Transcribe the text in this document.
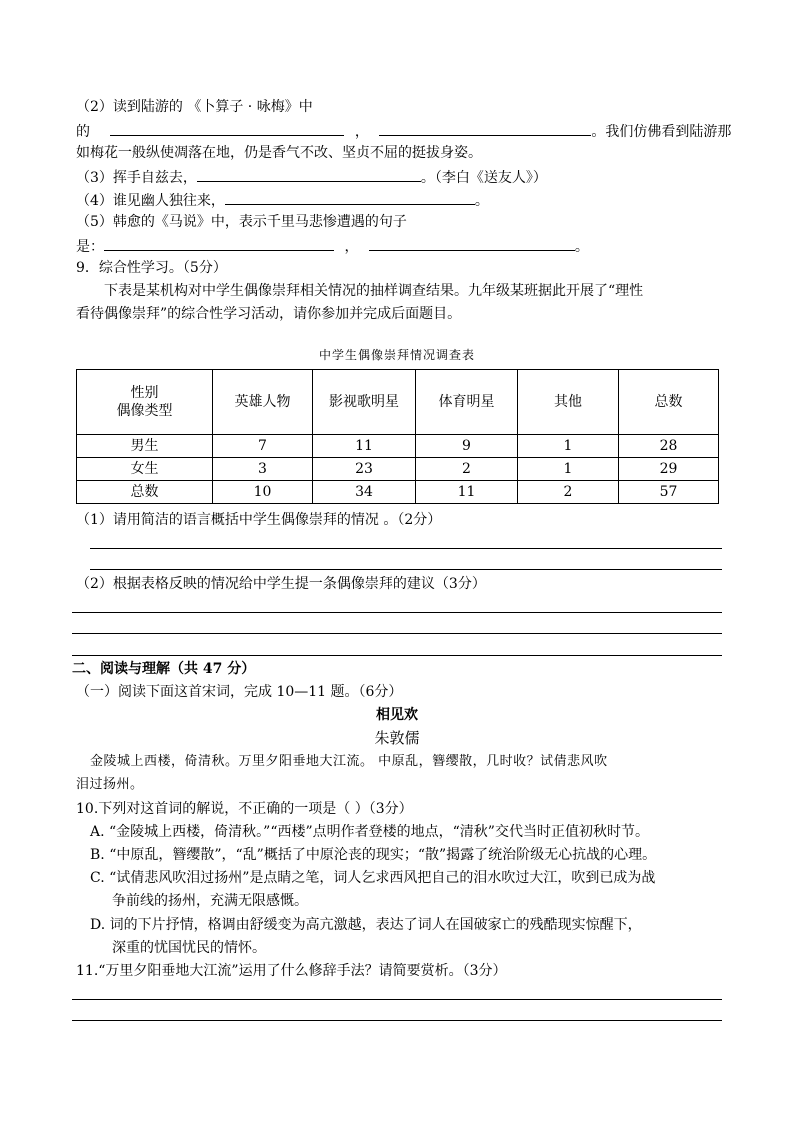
（2）读到陆游的 《卜算子 · 咏梅》中
的	，	。我们仿佛看到陆游那
如梅花一般纵使凋落在地，仍是香气不改、坚贞不屈的挺拔身姿。
（3）挥手自兹去，	。（李白《送友人》）
（4）谁见幽人独往来，	。
（5）韩愈的《马说》中，表示千里马悲惨遭遇的句子
是：	，	。
9．综合性学习。（5分）
下表是某机构对中学生偶像崇拜相关情况的抽样调查结果。九年级某班据此开展了“理性
看待偶像崇拜”的综合性学习活动，请你参加并完成后面题目。
中学生偶像崇拜情况调查表
性别
偶像类型	英雄人物	影视歌明星	体育明星	其他	总数
男生	7	11	9	1	28
女生	3	23	2	1	29
总数	10	34	11	2	57
（1）请用简洁的语言概括中学生偶像崇拜的情况 。（2分）
（2）根据表格反映的情况给中学生提一条偶像崇拜的建议（3分）
二、阅读与理解（共 47 分）
（一）阅读下面这首宋词，完成 10—11 题。（6分）
相见欢
朱敦儒
金陵城上西楼，倚清秋。万里夕阳垂地大江流。 中原乱，簪缨散，几时收？试倩悲风吹
泪过扬州。
10.下列对这首词的解说，不正确的一项是（ ）（3分）
A. “金陵城上西楼，倚清秋。”“西楼”点明作者登楼的地点，“清秋”交代当时正值初秋时节。
B. “中原乱，簪缨散”，“乱”概括了中原沦丧的现实；“散”揭露了统治阶级无心抗战的心理。
C. “试倩悲风吹泪过扬州”是点睛之笔，词人乞求西风把自己的泪水吹过大江，吹到已成为战
争前线的扬州，充满无限感慨。
D. 词的下片抒情，格调由舒缓变为高亢激越，表达了词人在国破家亡的残酷现实惊醒下，
深重的忧国忧民的情怀。
11.“万里夕阳垂地大江流”运用了什么修辞手法？请简要赏析。（3分）
